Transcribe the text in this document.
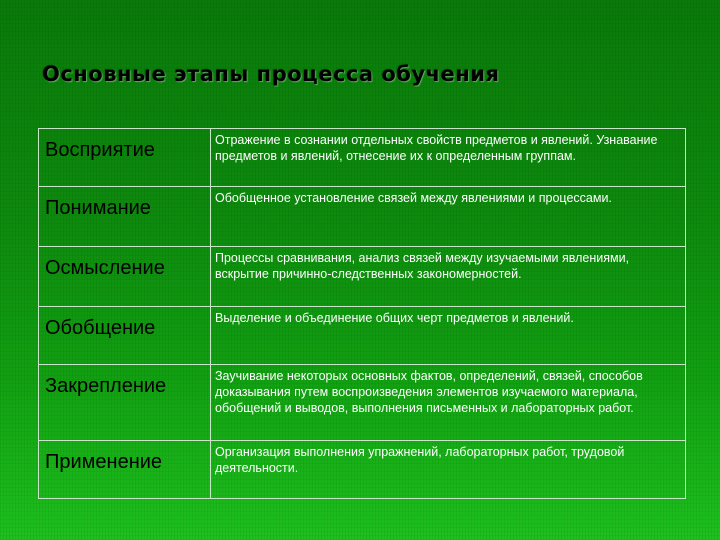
Основные этапы процесса обучения
Восприятие	Отражение в сознании отдельных свойств предметов и явлений. Узнавание предметов и явлений, отнесение их к определенным группам.
Понимание	Обобщенное установление связей между явлениями и процессами.
Осмысление	Процессы сравнивания, анализ связей между изучаемыми явлениями, вскрытие причинно-следственных закономерностей.
Обобщение	Выделение и объединение общих черт предметов и явлений.
Закрепление	Заучивание некоторых основных фактов, определений, связей, способов доказывания путем воспроизведения элементов изучаемого материала, обобщений и выводов, выполнения письменных и лабораторных работ.
Применение	Организация выполнения упражнений, лабораторных работ, трудовой деятельности.
